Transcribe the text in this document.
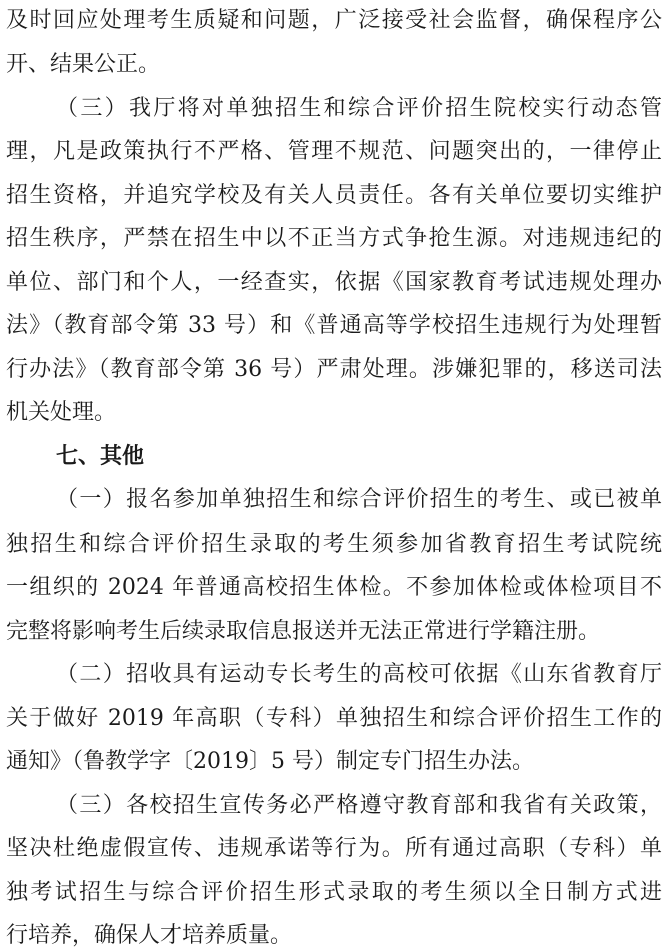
及时回应处理考生质疑和问题，广泛接受社会监督，确保程序公
开、结果公正。
（三）我厅将对单独招生和综合评价招生院校实行动态管
理，凡是政策执行不严格、管理不规范、问题突出的，一律停止
招生资格，并追究学校及有关人员责任。各有关单位要切实维护
招生秩序，严禁在招生中以不正当方式争抢生源。对违规违纪的
单位、部门和个人，一经查实，依据《国家教育考试违规处理办
法》（教育部令第 33 号）和《普通高等学校招生违规行为处理暂
行办法》（教育部令第 36 号）严肃处理。涉嫌犯罪的，移送司法
机关处理。
七、其他
（一）报名参加单独招生和综合评价招生的考生、或已被单
独招生和综合评价招生录取的考生须参加省教育招生考试院统
一组织的 2024 年普通高校招生体检。不参加体检或体检项目不
完整将影响考生后续录取信息报送并无法正常进行学籍注册。
（二）招收具有运动专长考生的高校可依据《山东省教育厅
关于做好 2019 年高职（专科）单独招生和综合评价招生工作的
通知》（鲁教学字〔2019〕5 号）制定专门招生办法。
（三）各校招生宣传务必严格遵守教育部和我省有关政策，
坚决杜绝虚假宣传、违规承诺等行为。所有通过高职（专科）单
独考试招生与综合评价招生形式录取的考生须以全日制方式进
行培养，确保人才培养质量。
